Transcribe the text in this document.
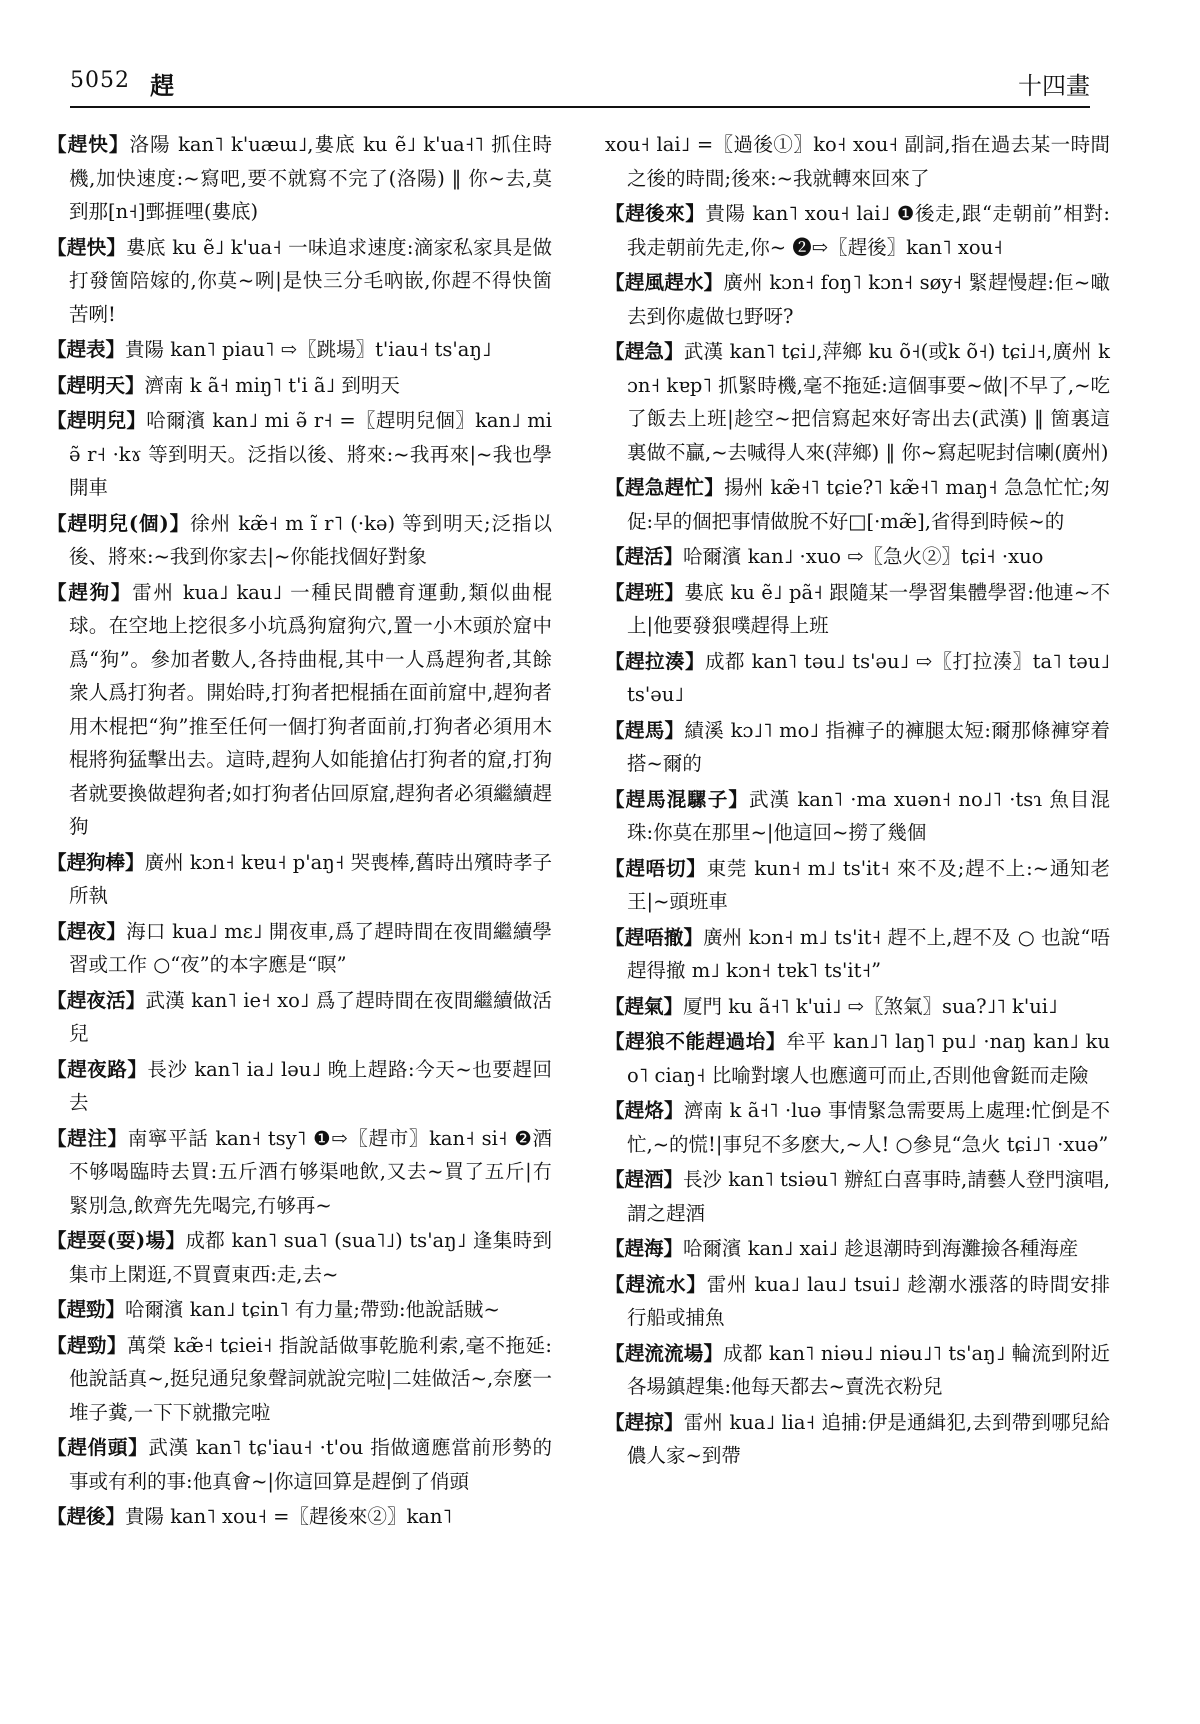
5052 趕	十四畫
【趕快】洛陽 kan˥ k'uæɯ˩,婁底 ku ẽ˩ k'ua˧˥ 抓住時機,加快速度:~寫吧,要不就寫不完了(洛陽) ‖ 你~去,莫到那[n˧]鄄捱哩(婁底)
【趕快】婁底 ku ẽ˩ k'ua˧ 一味追求速度:滴家私家具是做打發箇陪嫁的,你莫~咧|是快三分毛吶嵌,你趕不得快箇苦咧!
【趕表】貴陽 kan˥ piau˥ ⇨〖跳場〗t'iau˧ ts'aŋ˩
【趕明天】濟南 k ã˧ miŋ˥ t'i ã˩ 到明天
【趕明兒】哈爾濱 kan˩ mi ə̃ r˧ =〖趕明兒個〗kan˩ mi ə̃ r˧ ·kɤ 等到明天。泛指以後、將來:~我再來|~我也學開車
【趕明兒(個)】徐州 kæ̃˧ m ĩ r˥ (·kə) 等到明天;泛指以後、將來:~我到你家去|~你能找個好對象
【趕狗】雷州 kua˩ kau˩ 一種民間體育運動,類似曲棍球。在空地上挖很多小坑爲狗窟狗穴,置一小木頭於窟中爲“狗”。參加者數人,各持曲棍,其中一人爲趕狗者,其餘衆人爲打狗者。開始時,打狗者把棍插在面前窟中,趕狗者用木棍把“狗”推至任何一個打狗者面前,打狗者必須用木棍將狗猛擊出去。這時,趕狗人如能搶佔打狗者的窟,打狗者就要換做趕狗者;如打狗者佔回原窟,趕狗者必須繼續趕狗
【趕狗棒】廣州 kɔn˧ kɐu˧ p'aŋ˧ 哭喪棒,舊時出殯時孝子所執
【趕夜】海口 kua˩ mɛ˩ 開夜車,爲了趕時間在夜間繼續學習或工作 ○“夜”的本字應是“暝”
【趕夜活】武漢 kan˥ ie˧ xo˩ 爲了趕時間在夜間繼續做活兒
【趕夜路】長沙 kan˥ ia˩ ləu˩ 晚上趕路:今天~也要趕回去
【趕注】南寧平話 kan˧ tsy˥ ❶⇨〖趕市〗kan˧ si˧ ❷酒不够喝臨時去買:五斤酒冇够渠吔飲,又去~買了五斤|冇緊別急,飲齊先先喝完,冇够再~
【趕耍(耍)場】成都 kan˥ sua˥ (sua˥˩) ts'aŋ˩ 逢集時到集市上閑逛,不買賣東西:走,去~
【趕勁】哈爾濱 kan˩ tɕin˥ 有力量;帶勁:他說話賊~
【趕勁】萬榮 kæ̃˧ tɕiei˧ 指說話做事乾脆利索,毫不拖延:他說話真~,挺兒通兒象聲詞就說完啦|二娃做活~,奈麼一堆子糞,一下下就撒完啦
【趕俏頭】武漢 kan˥ tɕ'iau˧ ·t'ou 指做適應當前形勢的事或有利的事:他真會~|你這回算是趕倒了俏頭
【趕後】貴陽 kan˥ xou˧ =〖趕後來②〗kan˥
xou˧ lai˩ =〖過後①〗ko˧ xou˧ 副詞,指在過去某一時間之後的時間;後來:~我就轉來回來了
【趕後來】貴陽 kan˥ xou˧ lai˩ ❶後走,跟“走朝前”相對:我走朝前先走,你~ ❷⇨〖趕後〗kan˥ xou˧
【趕風趕水】廣州 kɔn˧ foŋ˥ kɔn˧ søy˧ 緊趕慢趕:佢~噉去到你處做乜野呀?
【趕急】武漢 kan˥ tɕi˩,萍鄉 ku õ˧(或k õ˧) tɕi˩˧,廣州 kɔn˧ kɐp˥ 抓緊時機,毫不拖延:這個事要~做|不早了,~吃了飯去上班|趁空~把信寫起來好寄出去(武漢) ‖ 箇裏這裏做不贏,~去喊得人來(萍鄉) ‖ 你~寫起呢封信喇(廣州)
【趕急趕忙】揚州 kæ̃˧˥ tɕie?˥ kæ̃˧˥ maŋ˧ 急急忙忙;匆促:早的個把事情做脫不好□[·mæ̃],省得到時候~的
【趕活】哈爾濱 kan˩ ·xuo ⇨〖急火②〗tɕi˧ ·xuo
【趕班】婁底 ku ẽ˩ pã˧ 跟隨某一學習集體學習:他連~不上|他要發狠噗趕得上班
【趕拉湊】成都 kan˥ təu˩ ts'əu˩ ⇨〖打拉湊〗ta˥ təu˩ ts'əu˩
【趕馬】績溪 kɔ˩˥ mo˩ 指褲子的褲腿太短:爾那條褲穿着搭~爾的
【趕馬混騾子】武漢 kan˥ ·ma xuən˧ no˩˥ ·tsɿ 魚目混珠:你莫在那里~|他這回~撈了幾個
【趕唔切】東莞 kun˧ m˩ ts'it˧ 來不及;趕不上:~通知老王|~頭班車
【趕唔撤】廣州 kɔn˧ m˩ ts'it˧ 趕不上,趕不及 ○ 也說“唔趕得撤 m˩ kɔn˧ tɐk˥ ts'it˧”
【趕氣】厦門 ku ã˧˥ k'ui˩ ⇨〖煞氣〗sua?˩˥ k'ui˩
【趕狼不能趕過坮】牟平 kan˩˥ laŋ˥ pu˩ ·naŋ kan˩ kuo˥ ciaŋ˧ 比喻對壞人也應適可而止,否則他會鋌而走險
【趕烙】濟南 k ã˧˥ ·luə 事情緊急需要馬上處理:忙倒是不忙,~的慌!|事兒不多麽大,~人! ○參見“急火 tɕi˩˥ ·xuə”
【趕酒】長沙 kan˥ tsiəu˥ 辦紅白喜事時,請藝人登門演唱,謂之趕酒
【趕海】哈爾濱 kan˩ xai˩ 趁退潮時到海灘撿各種海産
【趕流水】雷州 kua˩ lau˩ tsui˩ 趁潮水漲落的時間安排行船或捕魚
【趕流流場】成都 kan˥ niəu˩ niəu˩˥ ts'aŋ˩ 輪流到附近各場鎮趕集:他每天都去~賣洗衣粉兒
【趕掠】雷州 kua˩ lia˧ 追捕:伊是通緝犯,去到帶到哪兒給儂人家~到帶
